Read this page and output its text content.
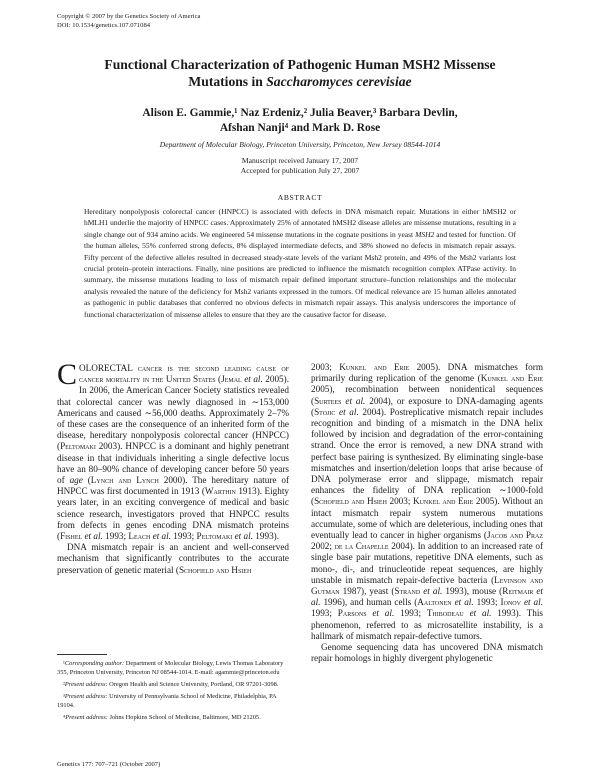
Copyright © 2007 by the Genetics Society of America
DOI: 10.1534/genetics.107.071084
Functional Characterization of Pathogenic Human MSH2 Missense
Mutations in Saccharomyces cerevisiae
Alison E. Gammie,¹ Naz Erdeniz,² Julia Beaver,³ Barbara Devlin,
Afshan Nanji⁴ and Mark D. Rose
Department of Molecular Biology, Princeton University, Princeton, New Jersey 08544-1014
Manuscript received January 17, 2007
Accepted for publication July 27, 2007
ABSTRACT
Hereditary nonpolyposis colorectal cancer (HNPCC) is associated with defects in DNA mismatch repair. Mutations in either hMSH2 or hMLH1 underlie the majority of HNPCC cases. Approximately 25% of annotated hMSH2 disease alleles are missense mutations, resulting in a single change out of 934 amino acids. We engineered 54 missense mutations in the cognate positions in yeast MSH2 and tested for function. Of the human alleles, 55% conferred strong defects, 8% displayed intermediate defects, and 38% showed no defects in mismatch repair assays. Fifty percent of the defective alleles resulted in decreased steady-state levels of the variant Msh2 protein, and 49% of the Msh2 variants lost crucial protein–protein interactions. Finally, nine positions are predicted to influence the mismatch recognition complex ATPase activity. In summary, the missense mutations leading to loss of mismatch repair defined important structure–function relationships and the molecular analysis revealed the nature of the deficiency for Msh2 variants expressed in the tumors. Of medical relevance are 15 human alleles annotated as pathogenic in public databases that conferred no obvious defects in mismatch repair assays. This analysis underscores the importance of functional characterization of missense alleles to ensure that they are the causative factor for disease.

COLORECTAL cancer is the second leading cause of cancer mortality in the United States (Jemal et al. 2005). In 2006, the American Cancer Society statistics revealed that colorectal cancer was newly diagnosed in ∼153,000 Americans and caused ∼56,000 deaths. Approximately 2–7% of these cases are the consequence of an inherited form of the disease, hereditary nonpolyposis colorectal cancer (HNPCC) (Peltomaki 2003). HNPCC is a dominant and highly penetrant disease in that individuals inheriting a single defective locus have an 80–90% chance of developing cancer before 50 years of age (Lynch and Lynch 2000). The hereditary nature of HNPCC was first documented in 1913 (Warthin 1913). Eighty years later, in an exciting convergence of medical and basic science research, investigators proved that HNPCC results from defects in genes encoding DNA mismatch proteins (Fishel et al. 1993; Leach et al. 1993; Peltomaki et al. 1993).

DNA mismatch repair is an ancient and well-conserved mechanism that significantly contributes to the accurate preservation of genetic material (Schofield and Hsieh

¹Corresponding author: Department of Molecular Biology, Lewis Thomas Laboratory 355, Princeton University, Princeton NJ 08544-1014. E-mail: agammie@princeton.edu
²Present address: Oregon Health and Science University, Portland, OR 97201-3098.
³Present address: University of Pennsylvania School of Medicine, Philadelphia, PA 19104.
⁴Present address: Johns Hopkins School of Medicine, Baltimore, MD 21205.
Genetics 177: 707–721 (October 2007)

2003; Kunkel and Erie 2005). DNA mismatches form primarily during replication of the genome (Kunkel and Erie 2005), recombination between nonidentical sequences (Surtees et al. 2004), or exposure to DNA-damaging agents (Stojic et al. 2004). Postreplicative mismatch repair includes recognition and binding of a mismatch in the DNA helix followed by incision and degradation of the error-containing strand. Once the error is removed, a new DNA strand with perfect base pairing is synthesized. By eliminating single-base mismatches and insertion/deletion loops that arise because of DNA polymerase error and slippage, mismatch repair enhances the fidelity of DNA replication ∼1000-fold (Schofield and Hsieh 2003; Kunkel and Erie 2005). Without an intact mismatch repair system numerous mutations accumulate, some of which are deleterious, including ones that eventually lead to cancer in higher organisms (Jacob and Praz 2002; de la Chapelle 2004). In addition to an increased rate of single base pair mutations, repetitive DNA elements, such as mono-, di-, and trinucleotide repeat sequences, are highly unstable in mismatch repair-defective bacteria (Levinson and Gutman 1987), yeast (Strand et al. 1993), mouse (Reitmair et al. 1996), and human cells (Aaltonen et al. 1993; Ionov et al. 1993; Parsons et al. 1993; Thibodeau et al. 1993). This phenomenon, referred to as microsatellite instability, is a hallmark of mismatch repair-defective tumors.

Genome sequencing data has uncovered DNA mismatch repair homologs in highly divergent phylogenetic
